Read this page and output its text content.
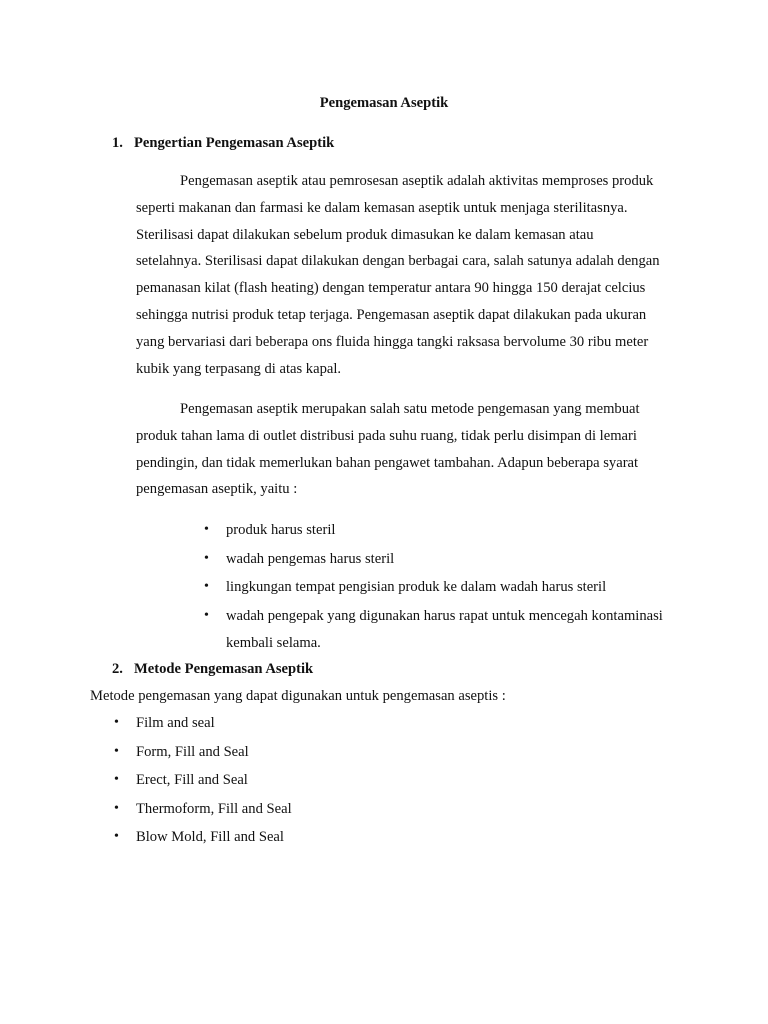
Pengemasan Aseptik
1. Pengertian Pengemasan Aseptik
Pengemasan aseptik atau pemrosesan aseptik adalah aktivitas memproses produk
seperti makanan dan farmasi ke dalam kemasan aseptik untuk menjaga sterilitasnya.
Sterilisasi dapat dilakukan sebelum produk dimasukan ke dalam kemasan atau
setelahnya. Sterilisasi dapat dilakukan dengan berbagai cara, salah satunya adalah dengan
pemanasan kilat (flash heating) dengan temperatur antara 90 hingga 150 derajat celcius
sehingga nutrisi produk tetap terjaga. Pengemasan aseptik dapat dilakukan pada ukuran
yang bervariasi dari beberapa ons fluida hingga tangki raksasa bervolume 30 ribu meter
kubik yang terpasang di atas kapal.
Pengemasan aseptik merupakan salah satu metode pengemasan yang membuat
produk tahan lama di outlet distribusi pada suhu ruang, tidak perlu disimpan di lemari
pendingin, dan tidak memerlukan bahan pengawet tambahan. Adapun beberapa syarat
pengemasan aseptik, yaitu :
• produk harus steril
• wadah pengemas harus steril
• lingkungan tempat pengisian produk ke dalam wadah harus steril
• wadah pengepak yang digunakan harus rapat untuk mencegah kontaminasi
kembali selama.
2. Metode Pengemasan Aseptik
Metode pengemasan yang dapat digunakan untuk pengemasan aseptis :
• Film and seal
• Form, Fill and Seal
• Erect, Fill and Seal
• Thermoform, Fill and Seal
• Blow Mold, Fill and Seal
